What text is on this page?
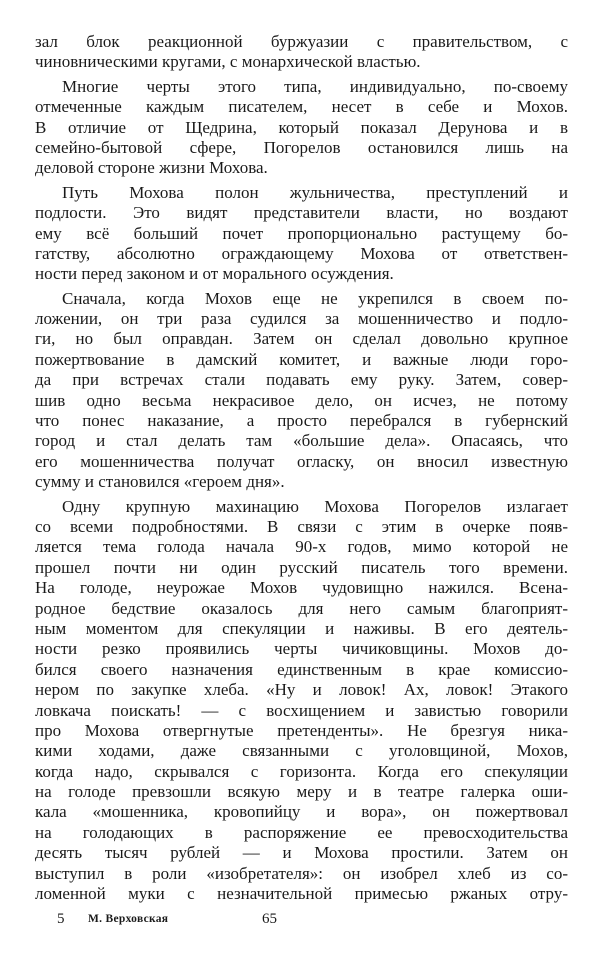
зал блок реакционной буржуазии с правительством, с
чиновническими кругами, с монархической властью.
Многие черты этого типа, индивидуально, по-своему
отмеченные каждым писателем, несет в себе и Мохов.
В отличие от Щедрина, который показал Дерунова и в
семейно-бытовой сфере, Погорелов остановился лишь на
деловой стороне жизни Мохова.
Путь Мохова полон жульничества, преступлений и
подлости. Это видят представители власти, но воздают
ему всё больший почет пропорционально растущему бо-
гатству, абсолютно ограждающему Мохова от ответствен-
ности перед законом и от морального осуждения.
Сначала, когда Мохов еще не укрепился в своем по-
ложении, он три раза судился за мошенничество и подло-
ги, но был оправдан. Затем он сделал довольно крупное
пожертвование в дамский комитет, и важные люди горо-
да при встречах стали подавать ему руку. Затем, совер-
шив одно весьма некрасивое дело, он исчез, не потому
что понес наказание, а просто перебрался в губернский
город и стал делать там «большие дела». Опасаясь, что
его мошенничества получат огласку, он вносил известную
сумму и становился «героем дня».
Одну крупную махинацию Мохова Погорелов излагает
со всеми подробностями. В связи с этим в очерке появ-
ляется тема голода начала 90-х годов, мимо которой не
прошел почти ни один русский писатель того времени.
На голоде, неурожае Мохов чудовищно нажился. Всена-
родное бедствие оказалось для него самым благоприят-
ным моментом для спекуляции и наживы. В его деятель-
ности резко проявились черты чичиковщины. Мохов до-
бился своего назначения единственным в крае комиссио-
нером по закупке хлеба. «Ну и ловок! Ах, ловок! Этакого
ловкача поискать! — с восхищением и завистью говорили
про Мохова отвергнутые претенденты». Не брезгуя ника-
кими ходами, даже связанными с уголовщиной, Мохов,
когда надо, скрывался с горизонта. Когда его спекуляции
на голоде превзошли всякую меру и в театре галерка оши-
кала «мошенника, кровопийцу и вора», он пожертвовал
на голодающих в распоряжение ее превосходительства
десять тысяч рублей — и Мохова простили. Затем он
выступил в роли «изобретателя»: он изобрел хлеб из со-
ломенной муки с незначительной примесью ржаных отру-
5 М. Верховская	65
